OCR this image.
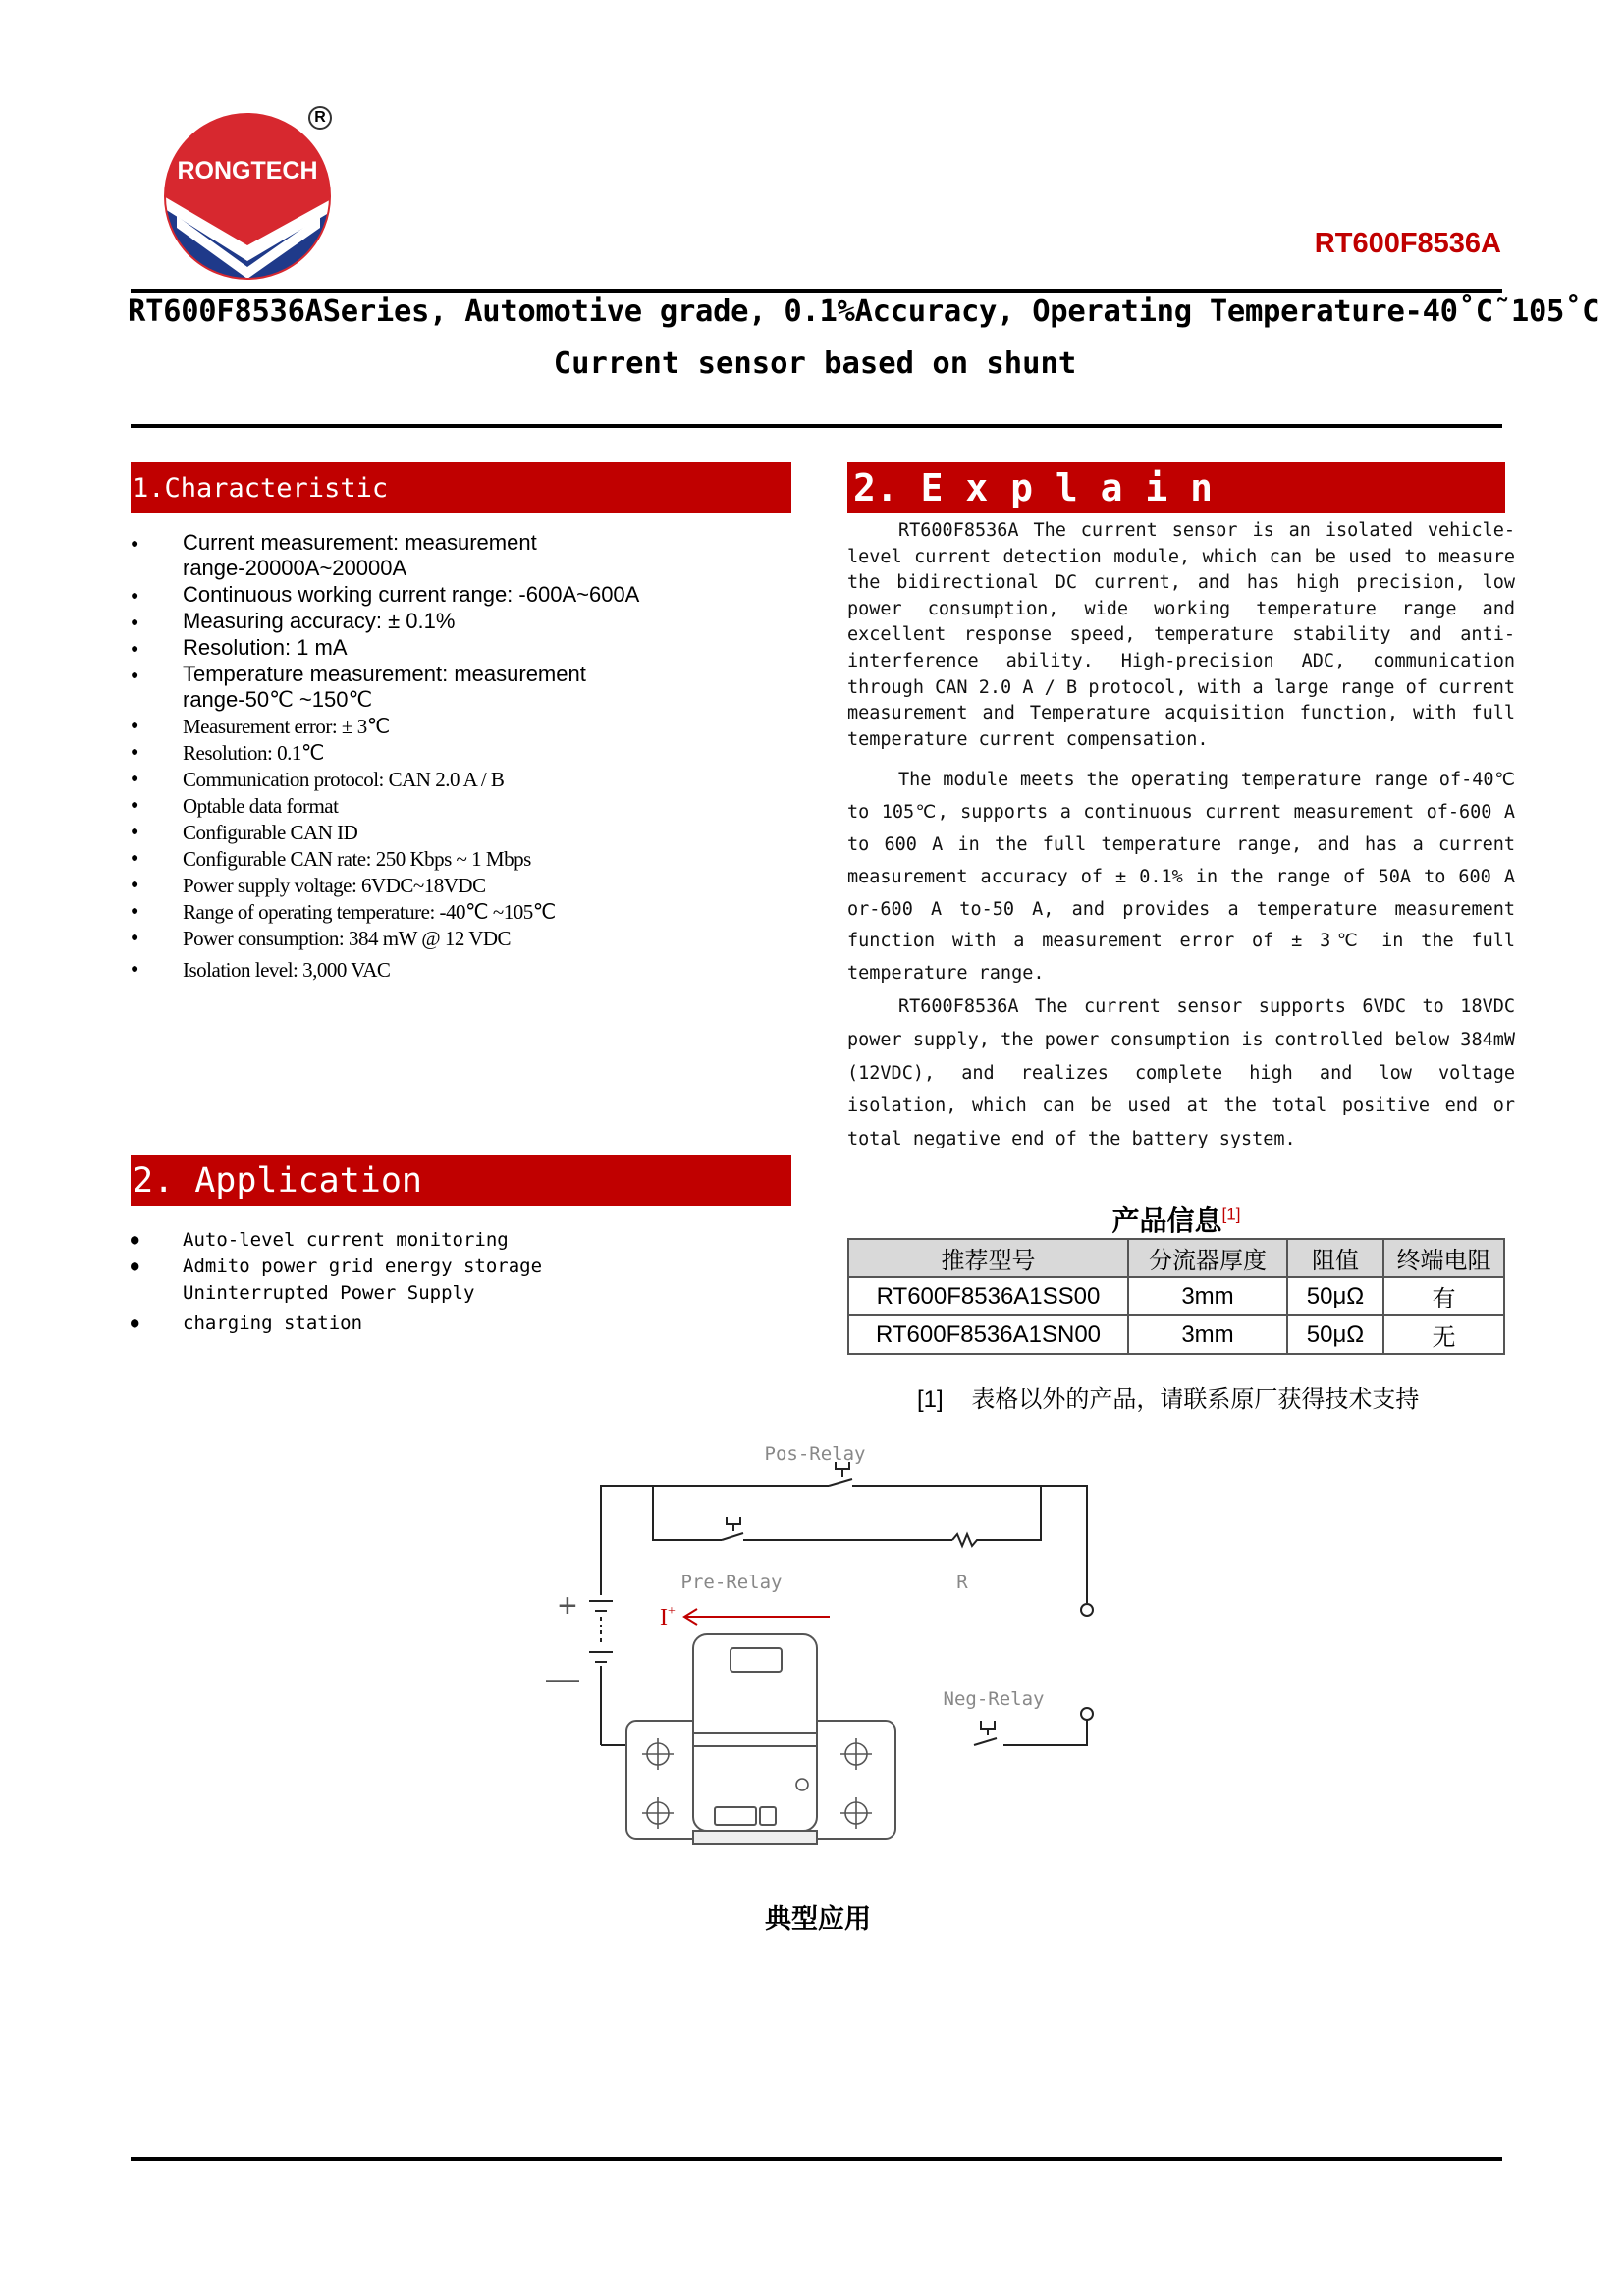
RONGTECH
R
RT600F8536A
RT600F8536ASeries, Automotive grade, 0.1%Accuracy, Operating Temperature-40˚C˜105˚C
Current sensor based on shunt
1.Characteristic
● Current measurement: measurement range-20000A~20000A
● Continuous working current range: -600A~600A
● Measuring accuracy: ± 0.1%
● Resolution: 1 mA
● Temperature measurement: measurement range-50℃ ~150℃
● Measurement error: ± 3℃
● Resolution: 0.1℃
● Communication protocol: CAN 2.0 A / B
● Optable data format
● Configurable CAN ID
● Configurable CAN rate: 250 Kbps ~ 1 Mbps
● Power supply voltage: 6VDC~18VDC
● Range of operating temperature: -40℃ ~105℃
● Power consumption: 384 mW @ 12 VDC
● Isolation level: 3,000 VAC
2. E x p l a i n

RT600F8536A The current sensor is an isolated vehicle-level current detection module, which can be used to measure the bidirectional DC current, and has high precision, low power consumption, wide working temperature range and excellent response speed, temperature stability and anti-interference ability. High-precision ADC, communication through CAN 2.0 A / B protocol, with a large range of current measurement and Temperature acquisition function, with full temperature current compensation.

The module meets the operating temperature range of-40℃ to 105℃, supports a continuous current measurement of-600 A to 600 A in the full temperature range, and has a current measurement accuracy of ± 0.1% in the range of 50A to 600 A or-600 A to-50 A, and provides a temperature measurement function with a measurement error of ± 3℃ in the full temperature range.

RT600F8536A The current sensor supports 6VDC to 18VDC power supply, the power consumption is controlled below 384mW (12VDC), and realizes complete high and low voltage isolation, which can be used at the total positive end or total negative end of the battery system.

2. Application
● Auto-level current monitoring
● Admito power grid energy storage Uninterrupted Power Supply
● charging station
产品信息[1]
推荐型号	分流器厚度	阻值	终端电阻
RT600F8536A1SS00	3mm	50μΩ	有
RT600F8536A1SN00	3mm	50μΩ	无
[1] 表格以外的产品，请联系原厂获得技术支持
Pos-Relay
Pre-Relay	R
Neg-Relay
+
—
I+
典型应用
